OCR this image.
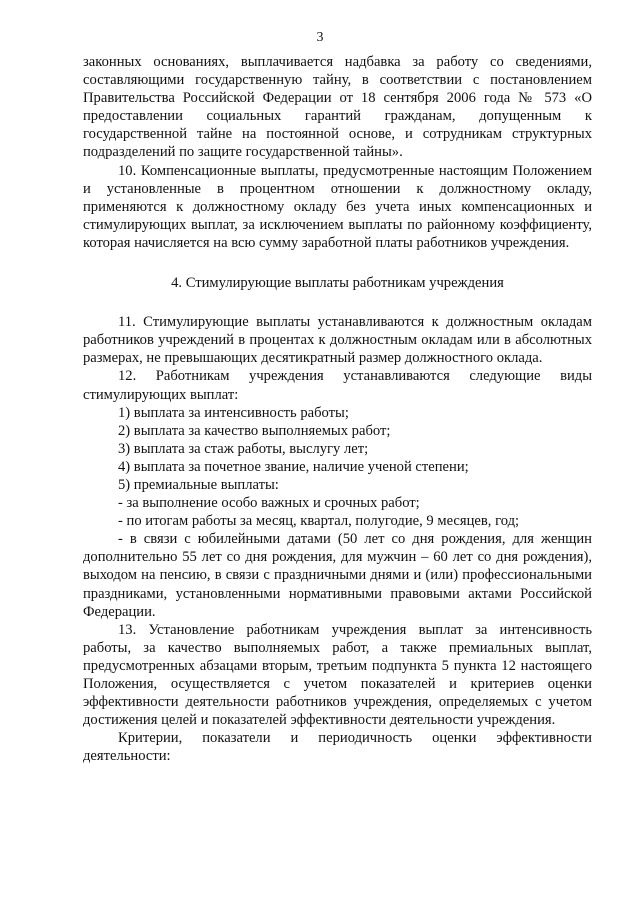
3

законных основаниях, выплачивается надбавка за работу со сведениями, составляющими государственную тайну, в соответствии с постановлением Правительства Российской Федерации от 18 сентября 2006 года № 573 «О предоставлении социальных гарантий гражданам, допущенным к государственной тайне на постоянной основе, и сотрудникам структурных подразделений по защите государственной тайны».

10. Компенсационные выплаты, предусмотренные настоящим Положением и установленные в процентном отношении к должностному окладу, применяются к должностному окладу без учета иных компенсационных и стимулирующих выплат, за исключением выплаты по районному коэффициенту, которая начисляется на всю сумму заработной платы работников учреждения.

4. Стимулирующие выплаты работникам учреждения

11. Стимулирующие выплаты устанавливаются к должностным окладам работников учреждений в процентах к должностным окладам или в абсолютных размерах, не превышающих десятикратный размер должностного оклада.

12. Работникам учреждения устанавливаются следующие виды стимулирующих выплат:

1) выплата за интенсивность работы;

2) выплата за качество выполняемых работ;

3) выплата за стаж работы, выслугу лет;

4) выплата за почетное звание, наличие ученой степени;

5) премиальные выплаты:

- за выполнение особо важных и срочных работ;

- по итогам работы за месяц, квартал, полугодие, 9 месяцев, год;

- в связи с юбилейными датами (50 лет со дня рождения, для женщин дополнительно 55 лет со дня рождения, для мужчин – 60 лет со дня рождения), выходом на пенсию, в связи с праздничными днями и (или) профессиональными праздниками, установленными нормативными правовыми актами Российской Федерации.

13. Установление работникам учреждения выплат за интенсивность работы, за качество выполняемых работ, а также премиальных выплат, предусмотренных абзацами вторым, третьим подпункта 5 пункта 12 настоящего Положения, осуществляется с учетом показателей и критериев оценки эффективности деятельности работников учреждения, определяемых с учетом достижения целей и показателей эффективности деятельности учреждения.

Критерии, показатели и периодичность оценки эффективности деятельности:
